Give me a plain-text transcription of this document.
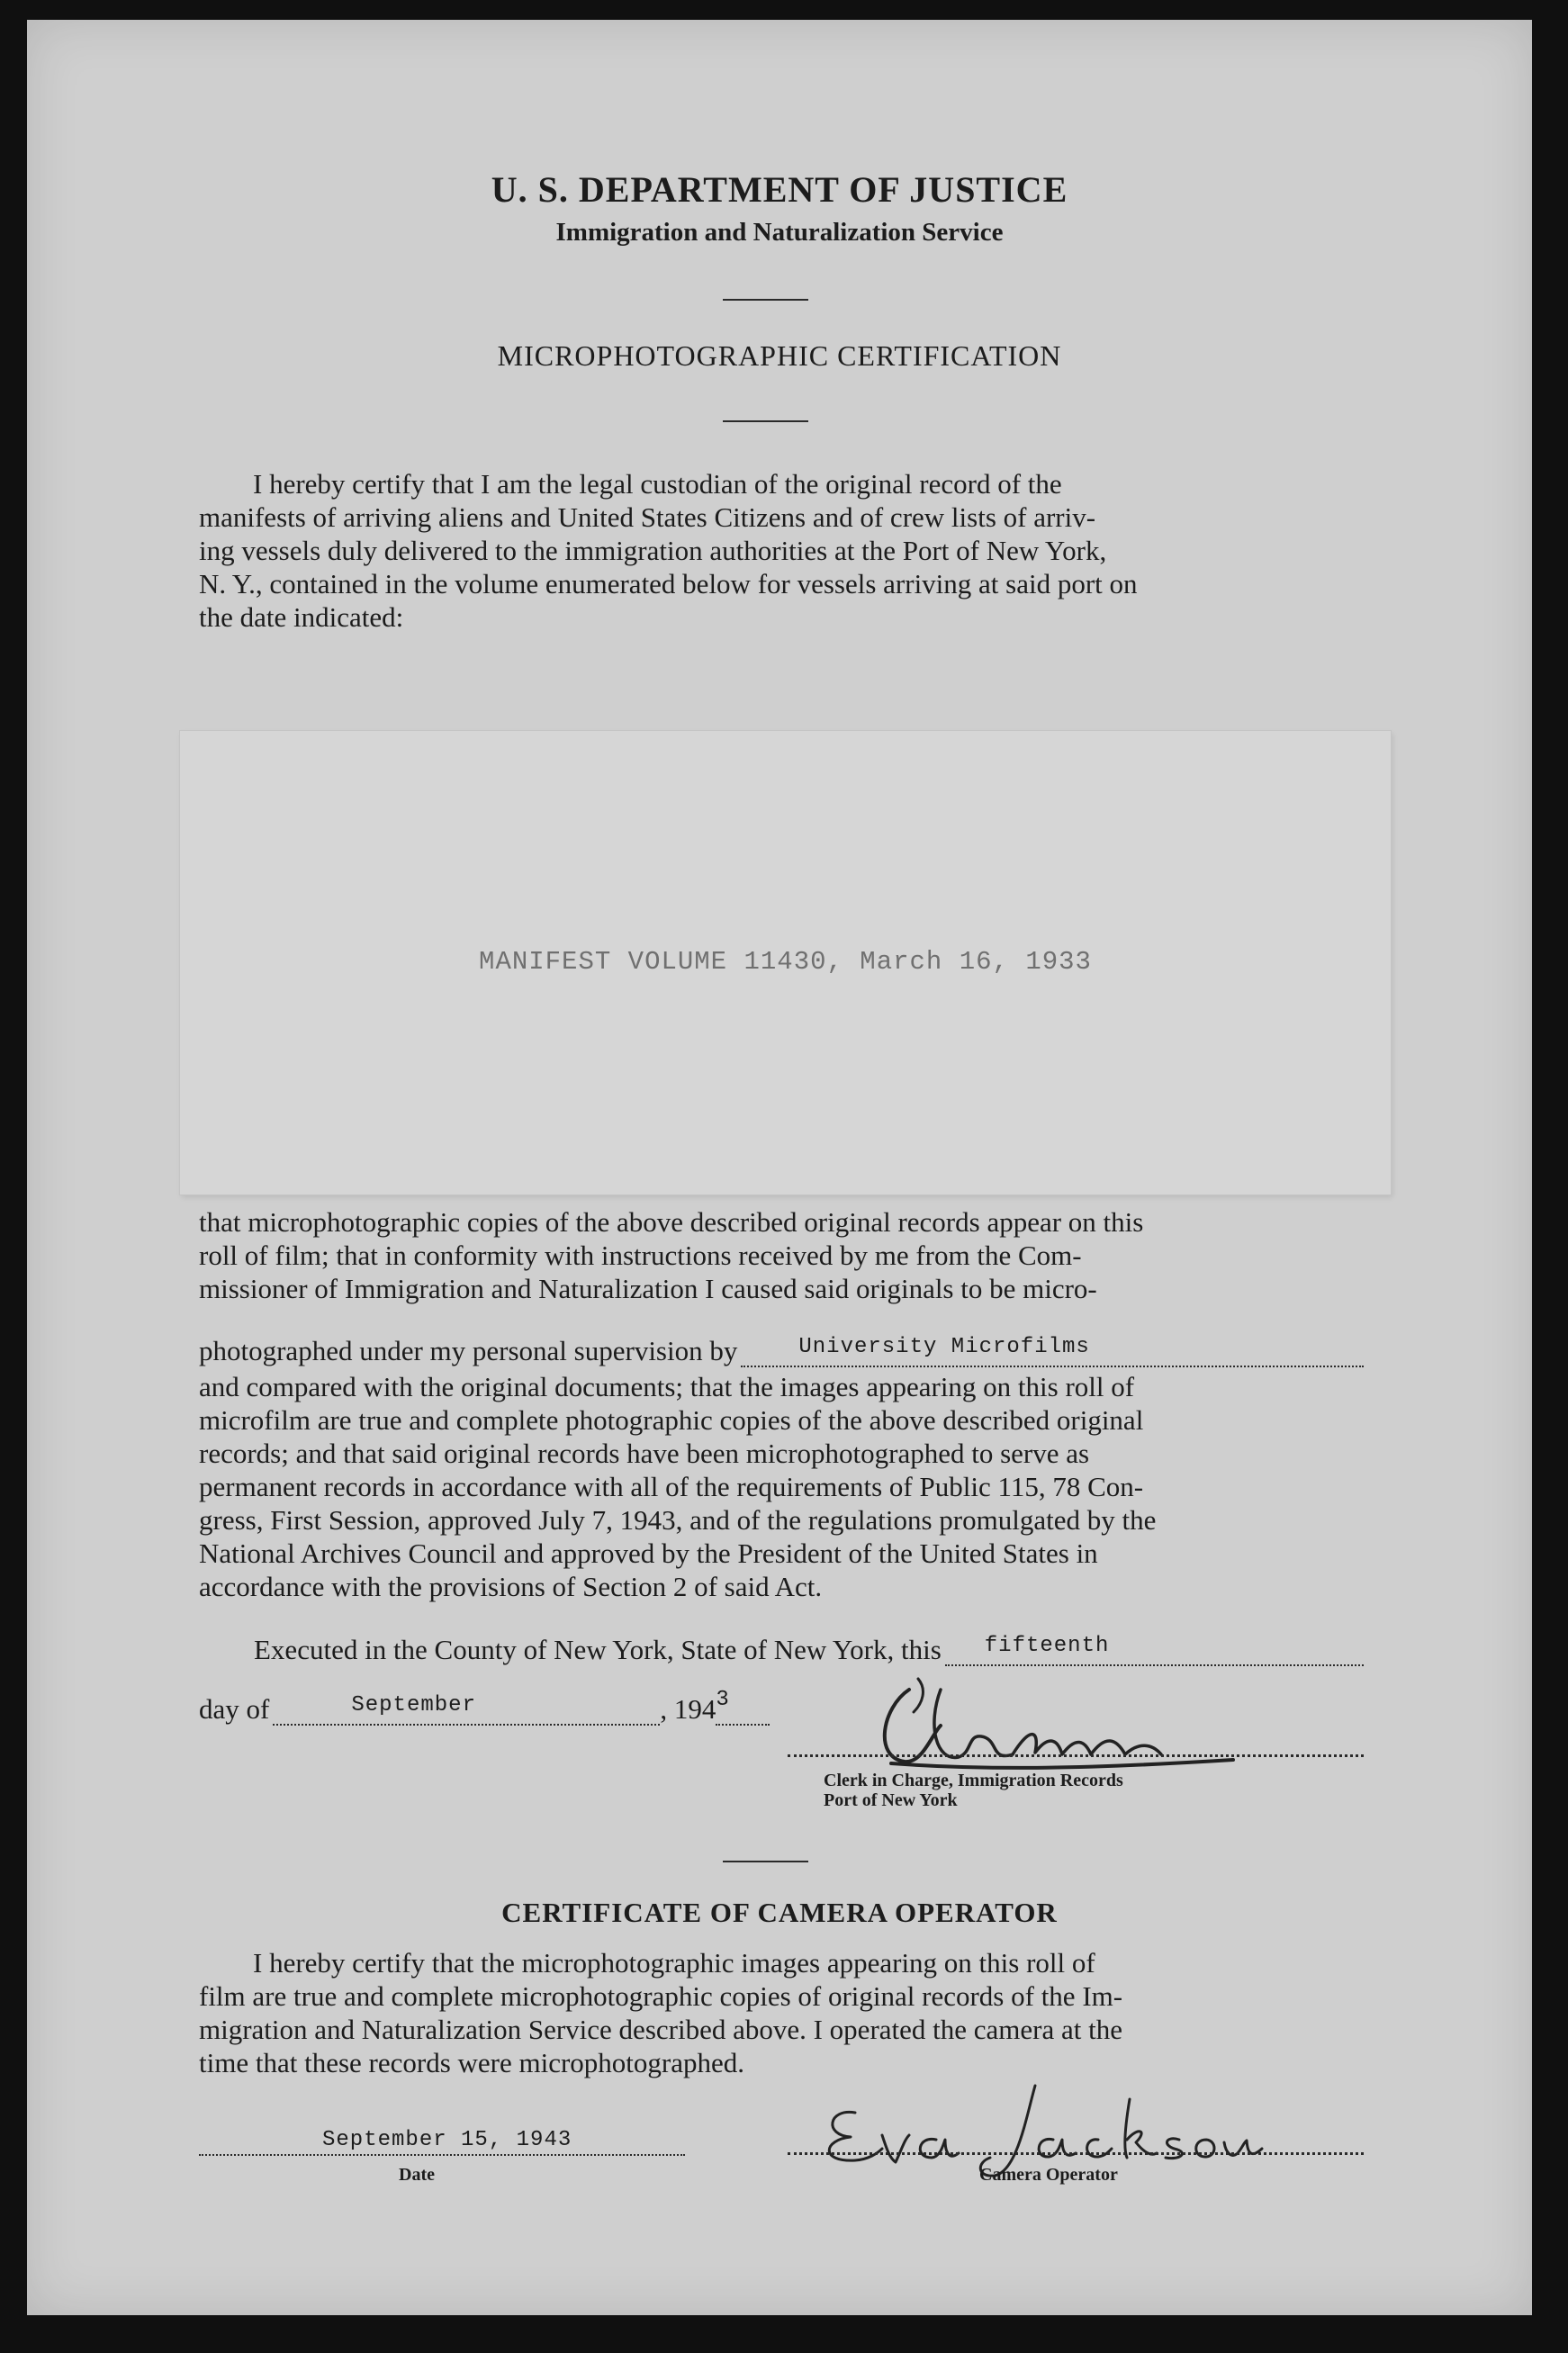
U. S. DEPARTMENT OF JUSTICE
Immigration and Naturalization Service
MICROPHOTOGRAPHIC CERTIFICATION
I hereby certify that I am the legal custodian of the original record of the
manifests of arriving aliens and United States Citizens and of crew lists of arriv-
ing vessels duly delivered to the immigration authorities at the Port of New York,
N. Y., contained in the volume enumerated below for vessels arriving at said port on
the date indicated:
MANIFEST VOLUME 11430, March 16, 1933
that microphotographic copies of the above described original records appear on this
roll of film; that in conformity with instructions received by me from the Com-
missioner of Immigration and Naturalization I caused said originals to be micro-
photographed under my personal supervision by	University Microfilms
and compared with the original documents; that the images appearing on this roll of
microfilm are true and complete photographic copies of the above described original
records; and that said original records have been microphotographed to serve as
permanent records in accordance with all of the requirements of Public 115, 78 Con-
gress, First Session, approved July 7, 1943, and of the regulations promulgated by the
National Archives Council and approved by the President of the United States in
accordance with the provisions of Section 2 of said Act.
Executed in the County of New York, State of New York, this fifteenth
day of	September	, 194 3
Clerk in Charge, Immigration Records
Port of New York
CERTIFICATE OF CAMERA OPERATOR
I hereby certify that the microphotographic images appearing on this roll of
film are true and complete microphotographic copies of original records of the Im-
migration and Naturalization Service described above. I operated the camera at the
time that these records were microphotographed.
September 15, 1943
Date	Camera Operator
